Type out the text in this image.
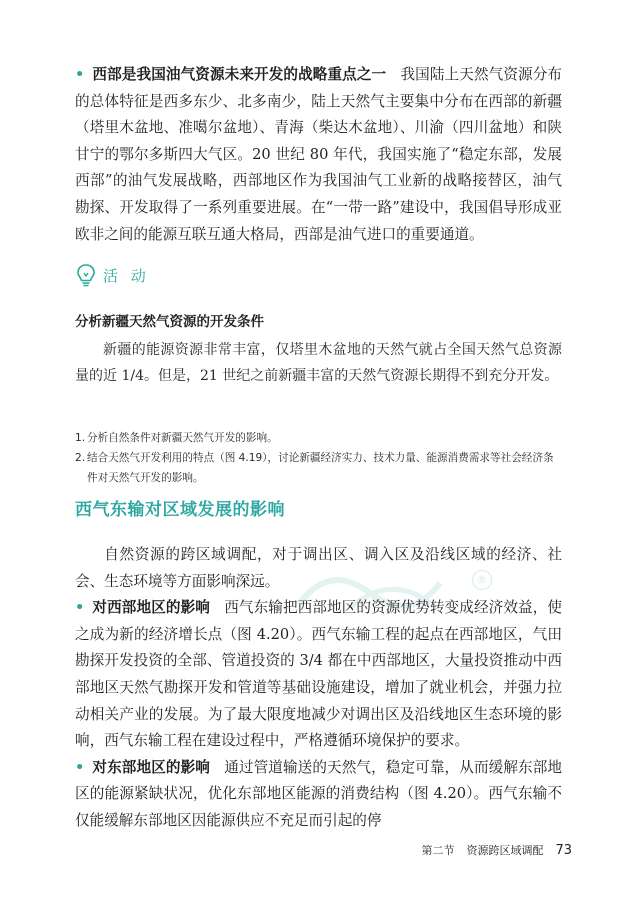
• 西部是我国油气资源未来开发的战略重点之一 我国陆上天然气资源分布的总体特征是西多东少、北多南少，陆上天然气主要集中分布在西部的新疆（塔里木盆地、准噶尔盆地）、青海（柴达木盆地）、川渝（四川盆地）和陕甘宁的鄂尔多斯四大气区。20 世纪 80 年代，我国实施了“稳定东部，发展西部”的油气发展战略，西部地区作为我国油气工业新的战略接替区，油气勘探、开发取得了一系列重要进展。在“一带一路”建设中，我国倡导形成亚欧非之间的能源互联互通大格局，西部是油气进口的重要通道。

活 动
分析新疆天然气资源的开发条件

新疆的能源资源非常丰富，仅塔里木盆地的天然气就占全国天然气总资源量的近 1/4。但是，21 世纪之前新疆丰富的天然气资源长期得不到充分开发。

1. 分析自然条件对新疆天然气开发的影响。
2. 结合天然气开发利用的特点（图 4.19），讨论新疆经济实力、技术力量、能源消费需求等社会经济条件对天然气开发的影响。
西气东输对区域发展的影响
®

自然资源的跨区域调配，对于调出区、调入区及沿线区域的经济、社会、生态环境等方面影响深远。

• 对西部地区的影响 西气东输把西部地区的资源优势转变成经济效益，使之成为新的经济增长点（图 4.20）。西气东输工程的起点在西部地区，气田勘探开发投资的全部、管道投资的 3/4 都在中西部地区，大量投资推动中西部地区天然气勘探开发和管道等基础设施建设，增加了就业机会，并强力拉动相关产业的发展。为了最大限度地减少对调出区及沿线地区生态环境的影响，西气东输工程在建设过程中，严格遵循环境保护的要求。

• 对东部地区的影响 通过管道输送的天然气，稳定可靠，从而缓解东部地区的能源紧缺状况，优化东部地区能源的消费结构（图 4.20）。西气东输不仅能缓解东部地区因能源供应不充足而引起的停

第二节 资源跨区域调配 73
